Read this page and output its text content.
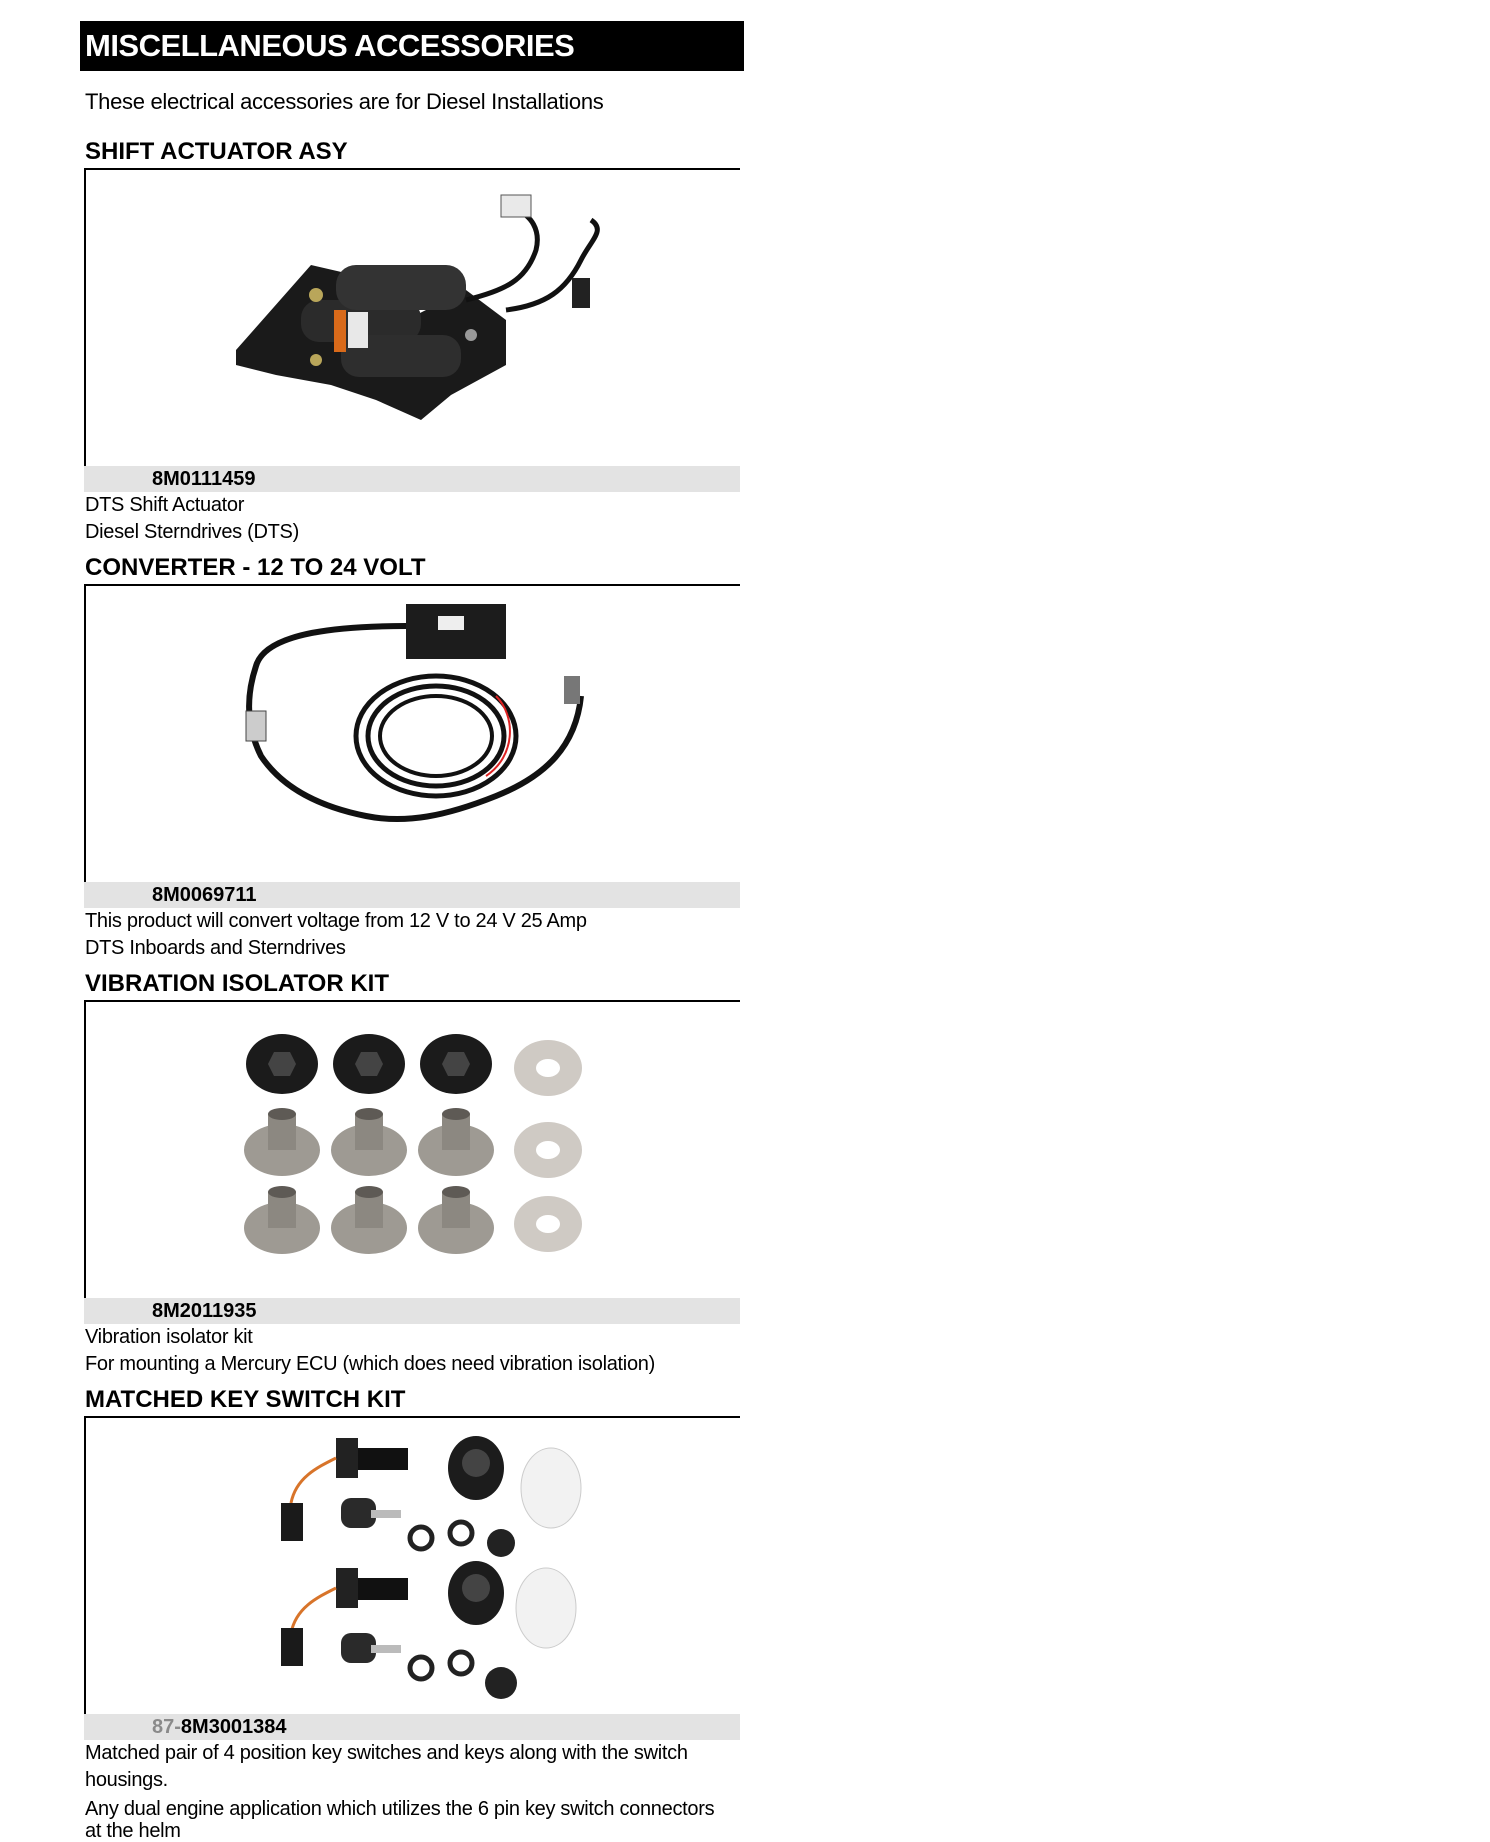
MISCELLANEOUS ACCESSORIES
These electrical accessories are for Diesel Installations
SHIFT ACTUATOR ASY
8M0111459
DTS Shift Actuator
Diesel Sterndrives (DTS)
CONVERTER - 12 TO 24 VOLT
8M0069711
This product will convert voltage from 12 V to 24 V 25 Amp
DTS Inboards and Sterndrives
VIBRATION ISOLATOR KIT
8M2011935
Vibration isolator kit
For mounting a Mercury ECU (which does need vibration isolation)
MATCHED KEY SWITCH KIT
87-8M3001384
Matched pair of 4 position key switches and keys along with the switch housings.
Any dual engine application which utilizes the 6 pin key switch connectors at the helm
